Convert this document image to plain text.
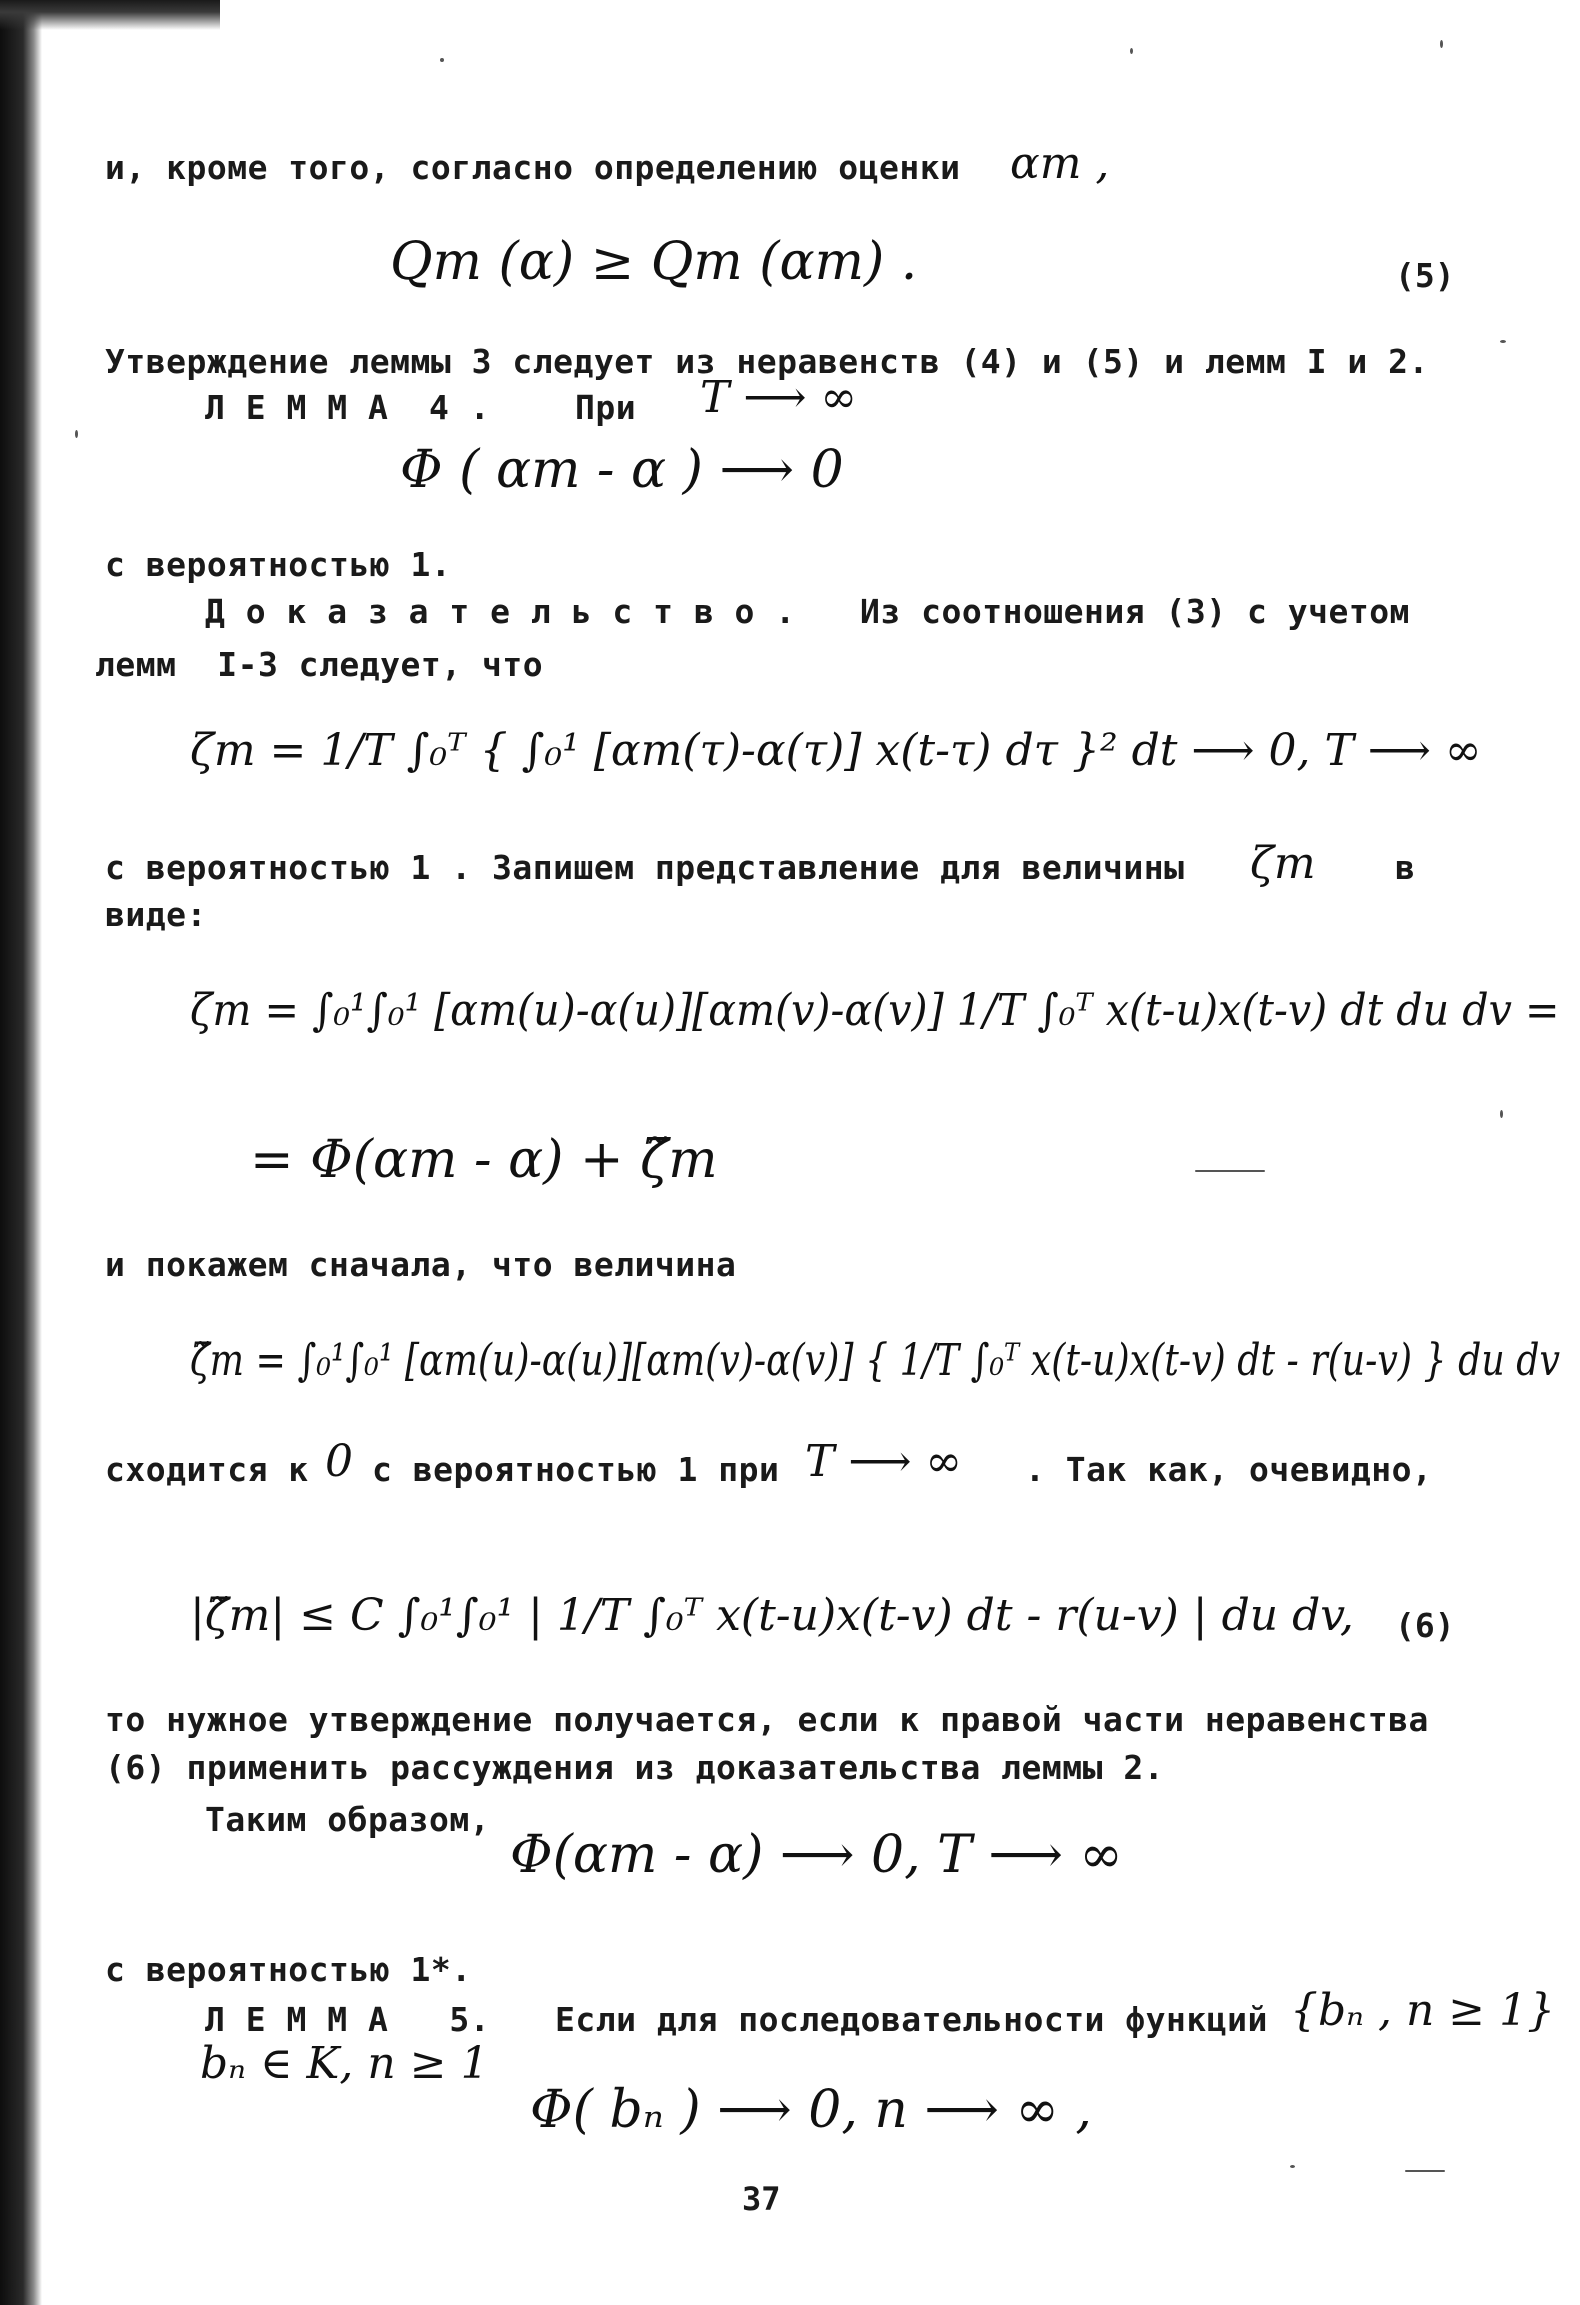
и, кроме того, согласно определению оценки αт ,
Qт (α) ≥ Qт (αт) .	(5)
Утверждение леммы 3 следует из неравенств (4) и (5) и лемм I и 2.
Л Е М М А  4 .	При T ⟶ ∞
Φ ( αт - α ) ⟶ 0
с вероятностью 1.
Д о к а з а т е л ь с т в о . Из соотношения (3) с учетом
лемм  I-3 следует, что
ζт = 1/T ∫₀ᵀ { ∫₀¹ [αт(τ)-α(τ)] x(t-τ) dτ }² dt ⟶ 0, T ⟶ ∞
с вероятностью 1 . Запишем представление для величины ζт в
виде:
ζт = ∫₀¹∫₀¹ [αт(u)-α(u)][αт(v)-α(v)] 1/T ∫₀ᵀ x(t-u)x(t-v) dt du dv =
= Φ(αт - α) + ζ̃т
и покажем сначала, что величина
ζ̃т = ∫₀¹∫₀¹ [αт(u)-α(u)][αт(v)-α(v)] { 1/T ∫₀ᵀ x(t-u)x(t-v) dt - r(u-v) } du dv
сходится к 0 с вероятностью 1 при T ⟶ ∞ . Так как, очевидно,
|ζ̃т| ≤ C ∫₀¹∫₀¹ | 1/T ∫₀ᵀ x(t-u)x(t-v) dt - r(u-v) | du dv, (6)
то нужное утверждение получается, если к правой части неравенства
(6) применить рассуждения из доказательства леммы 2.
Таким образом,
Φ(αт - α) ⟶ 0, T ⟶ ∞
с вероятностью 1*.
Л Е М М А   5. Если для последовательности функций {bₙ , n ≥ 1}
bₙ ∈ K, n ≥ 1
Φ( bₙ ) ⟶ 0, n ⟶ ∞ ,
37
